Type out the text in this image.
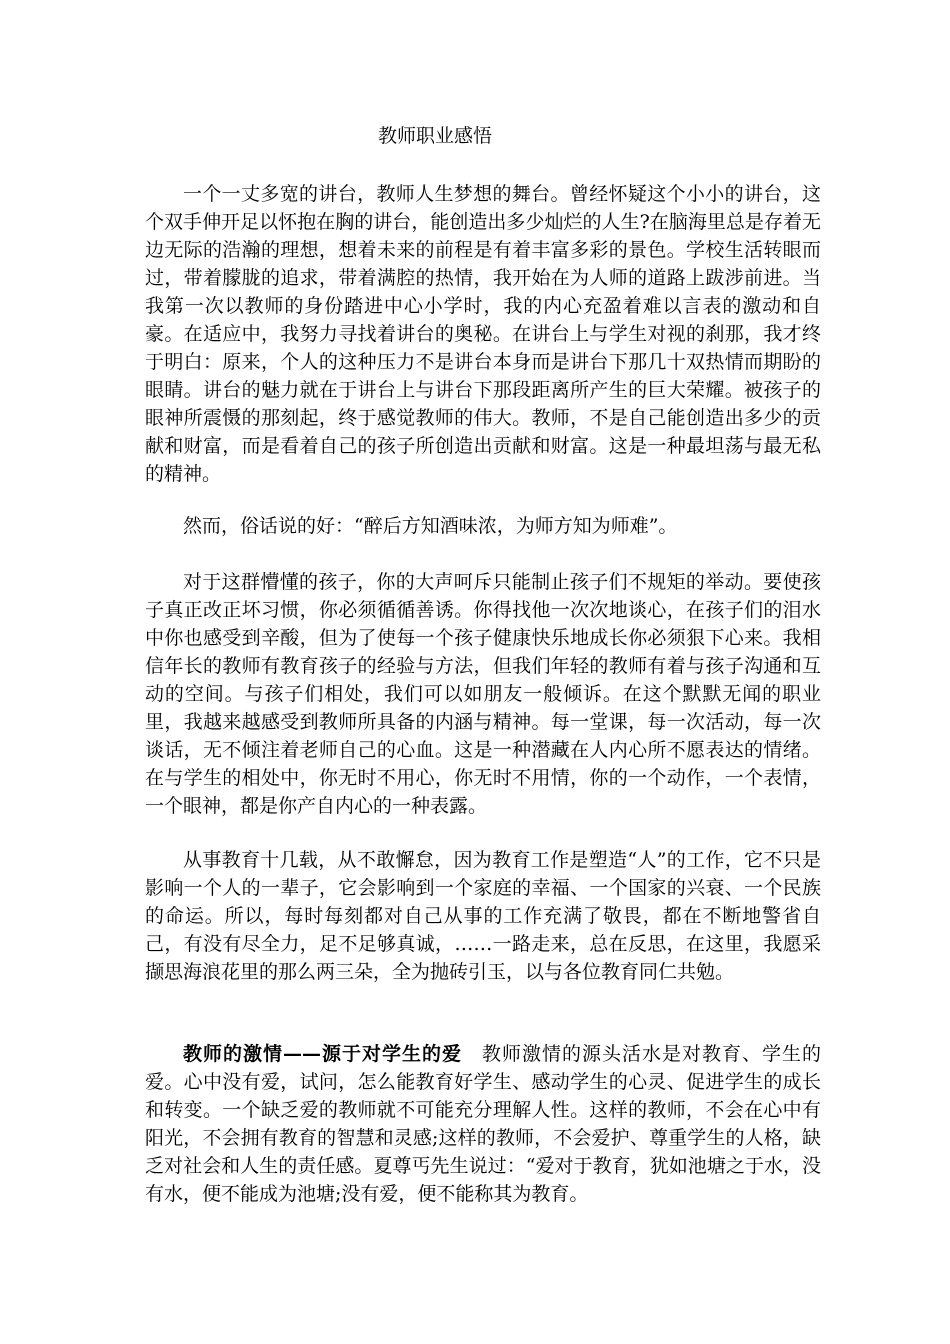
教师职业感悟

一个一丈多宽的讲台，教师人生梦想的舞台。曾经怀疑这个小小的讲台，这个双手伸开足以怀抱在胸的讲台，能创造出多少灿烂的人生?在脑海里总是存着无边无际的浩瀚的理想，想着未来的前程是有着丰富多彩的景色。学校生活转眼而过，带着朦胧的追求，带着满腔的热情，我开始在为人师的道路上跋涉前进。当我第一次以教师的身份踏进中心小学时，我的内心充盈着难以言表的激动和自豪。在适应中，我努力寻找着讲台的奥秘。在讲台上与学生对视的刹那，我才终于明白：原来，个人的这种压力不是讲台本身而是讲台下那几十双热情而期盼的眼睛。讲台的魅力就在于讲台上与讲台下那段距离所产生的巨大荣耀。被孩子的眼神所震慑的那刻起，终于感觉教师的伟大。教师，不是自己能创造出多少的贡献和财富，而是看着自己的孩子所创造出贡献和财富。这是一种最坦荡与最无私的精神。

然而，俗话说的好：“醉后方知酒味浓，为师方知为师难”。

对于这群懵懂的孩子，你的大声呵斥只能制止孩子们不规矩的举动。要使孩子真正改正坏习惯，你必须循循善诱。你得找他一次次地谈心，在孩子们的泪水中你也感受到辛酸，但为了使每一个孩子健康快乐地成长你必须狠下心来。我相信年长的教师有教育孩子的经验与方法，但我们年轻的教师有着与孩子沟通和互动的空间。与孩子们相处，我们可以如朋友一般倾诉。在这个默默无闻的职业里，我越来越感受到教师所具备的内涵与精神。每一堂课，每一次活动，每一次谈话，无不倾注着老师自己的心血。这是一种潜藏在人内心所不愿表达的情绪。在与学生的相处中，你无时不用心，你无时不用情，你的一个动作，一个表情，一个眼神，都是你产自内心的一种表露。

从事教育十几载，从不敢懈怠，因为教育工作是塑造“人”的工作，它不只是影响一个人的一辈子，它会影响到一个家庭的幸福、一个国家的兴衰、一个民族的命运。所以，每时每刻都对自己从事的工作充满了敬畏，都在不断地警省自己，有没有尽全力，足不足够真诚，……一路走来，总在反思，在这里，我愿采撷思海浪花里的那么两三朵，全为抛砖引玉，以与各位教育同仁共勉。

教师的激情——源于对学生的爱　 教师激情的源头活水是对教育、学生的爱。心中没有爱，试问，怎么能教育好学生、感动学生的心灵、促进学生的成长和转变。一个缺乏爱的教师就不可能充分理解人性。这样的教师，不会在心中有阳光，不会拥有教育的智慧和灵感;这样的教师，不会爱护、尊重学生的人格，缺乏对社会和人生的责任感。夏尊丐先生说过：“爱对于教育，犹如池塘之于水，没有水，便不能成为池塘;没有爱，便不能称其为教育。
